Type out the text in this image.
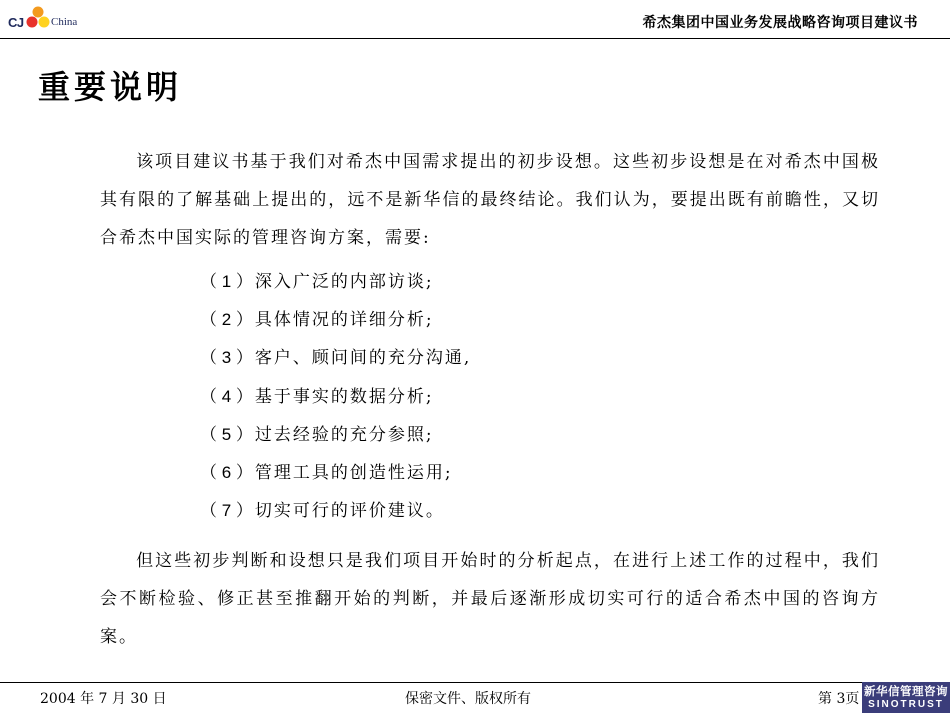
CJ China	希杰集团中国业务发展战略咨询项目建议书
重要说明
该项目建议书基于我们对希杰中国需求提出的初步设想。这些初步设想是在对希杰中国极其有限的了解基础上提出的，远不是新华信的最终结论。我们认为，要提出既有前瞻性，又切合希杰中国实际的管理咨询方案，需要:
（ 1 ） 深入广泛的内部访谈;
（ 2 ） 具体情况的详细分析;
（ 3 ） 客户、顾问间的充分沟通,
（ 4 ） 基于事实的数据分析;
（ 5 ） 过去经验的充分参照;
（ 6 ） 管理工具的创造性运用;
（ 7 ） 切实可行的评价建议。
但这些初步判断和设想只是我们项目开始时的分析起点，在进行上述工作的过程中，我们会不断检验、修正甚至推翻开始的判断，并最后逐渐形成切实可行的适合希杰中国的咨询方案。
2004 年 7 月 30 日	保密文件、版权所有	第 3页 新华信管理咨询
SINOTRUST
